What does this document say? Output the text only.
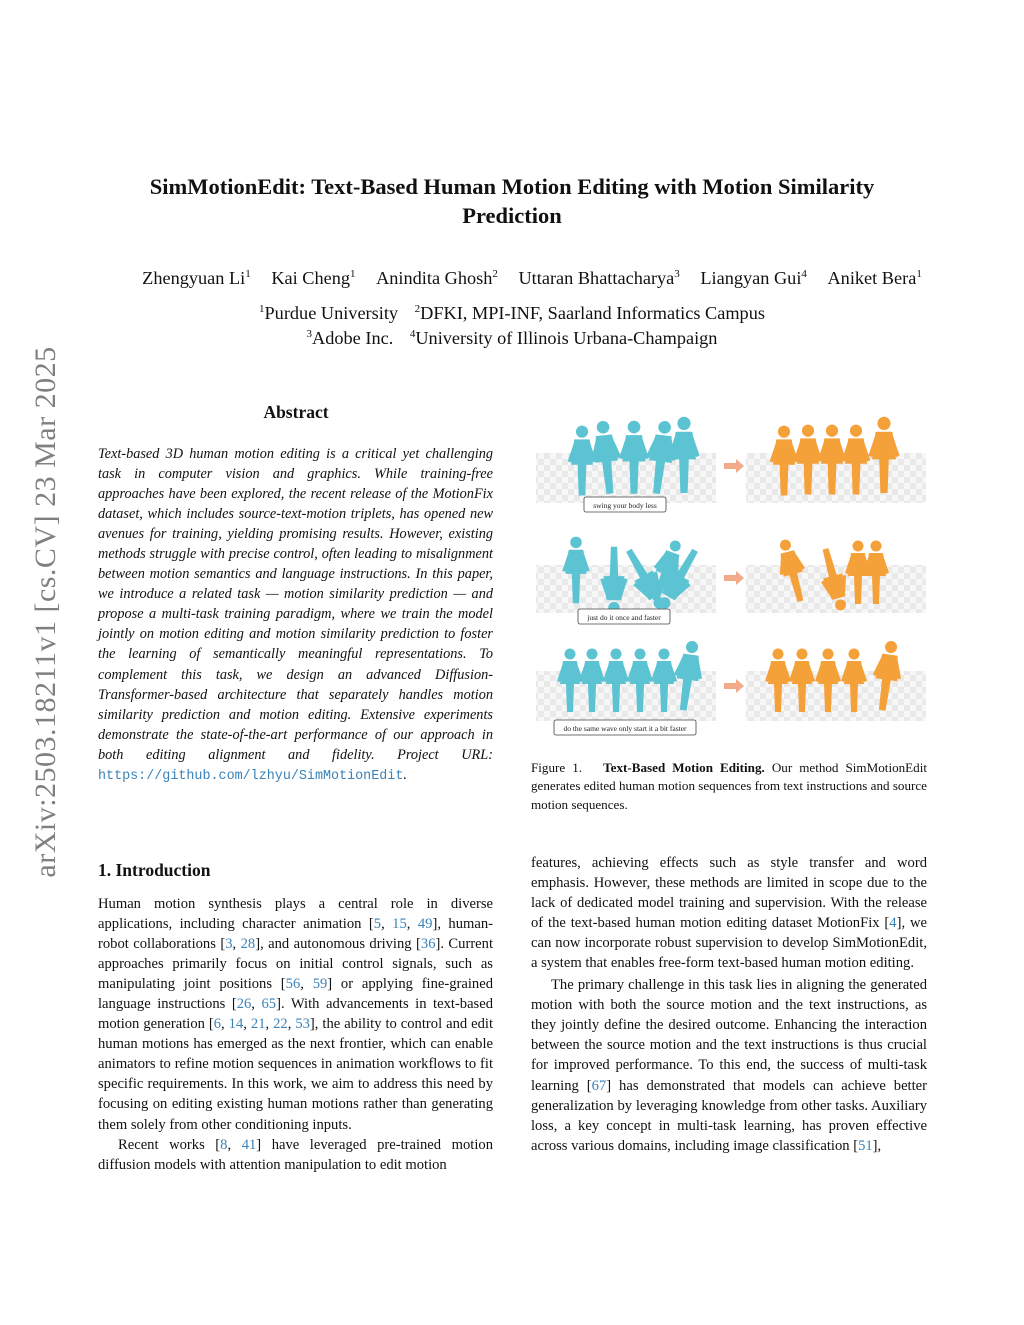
arXiv:2503.18211v1 [cs.CV] 23 Mar 2025
SimMotionEdit: Text-Based Human Motion Editing with Motion Similarity
Prediction
Zhengyuan Li$^1$ Kai Cheng$^1$ Anindita Ghosh$^2$ Uttaran Bhattacharya$^3$ Liangyan Gui$^4$ Aniket Bera$^1$
$^1$Purdue University $^2$DFKI, MPI-INF, Saarland Informatics Campus
$^3$Adobe Inc. $^4$University of Illinois Urbana-Champaign
Abstract
Text-based 3D human motion editing is a critical yet challenging task in computer vision and graphics. While training-free approaches have been explored, the recent release of the MotionFix dataset, which includes source-text-motion triplets, has opened new avenues for training, yielding promising results. However, existing methods struggle with precise control, often leading to misalignment between motion semantics and language instructions. In this paper, we introduce a related task — motion similarity prediction — and propose a multi-task training paradigm, where we train the model jointly on motion editing and motion similarity prediction to foster the learning of semantically meaningful representations. To complement this task, we design an advanced Diffusion-Transformer-based architecture that separately handles motion similarity prediction and motion editing. Extensive experiments demonstrate the state-of-the-art performance of our approach in both editing alignment and fidelity. Project URL: https://github.com/lzhyu/SimMotionEdit.
swing your body less
just do it once and faster
do the same wave only start it a bit faster
Figure 1. Text-Based Motion Editing. Our method SimMotionEdit generates edited human motion sequences from text instructions and source motion sequences.
1. Introduction

Human motion synthesis plays a central role in diverse applications, including character animation [5, 15, 49], human-robot collaborations [3, 28], and autonomous driving [36]. Current approaches primarily focus on initial control signals, such as manipulating joint positions [56, 59] or applying fine-grained language instructions [26, 65]. With advancements in text-based motion generation [6, 14, 21, 22, 53], the ability to control and edit human motions has emerged as the next frontier, which can enable animators to refine motion sequences in animation workflows to fit specific requirements. In this work, we aim to address this need by focusing on editing existing human motions rather than generating them solely from other conditioning inputs.

Recent works [8, 41] have leveraged pre-trained motion diffusion models with attention manipulation to edit motion

features, achieving effects such as style transfer and word emphasis. However, these methods are limited in scope due to the lack of dedicated model training and supervision. With the release of the text-based human motion editing dataset MotionFix [4], we can now incorporate robust supervision to develop SimMotionEdit, a system that enables free-form text-based human motion editing.

The primary challenge in this task lies in aligning the generated motion with both the source motion and the text instructions, as they jointly define the desired outcome. Enhancing the interaction between the source motion and the text instructions is thus crucial for improved performance. To this end, the success of multi-task learning [67] has demonstrated that models can achieve better generalization by leveraging knowledge from other tasks. Auxiliary loss, a key concept in multi-task learning, has proven effective across various domains, including image classification [51],
